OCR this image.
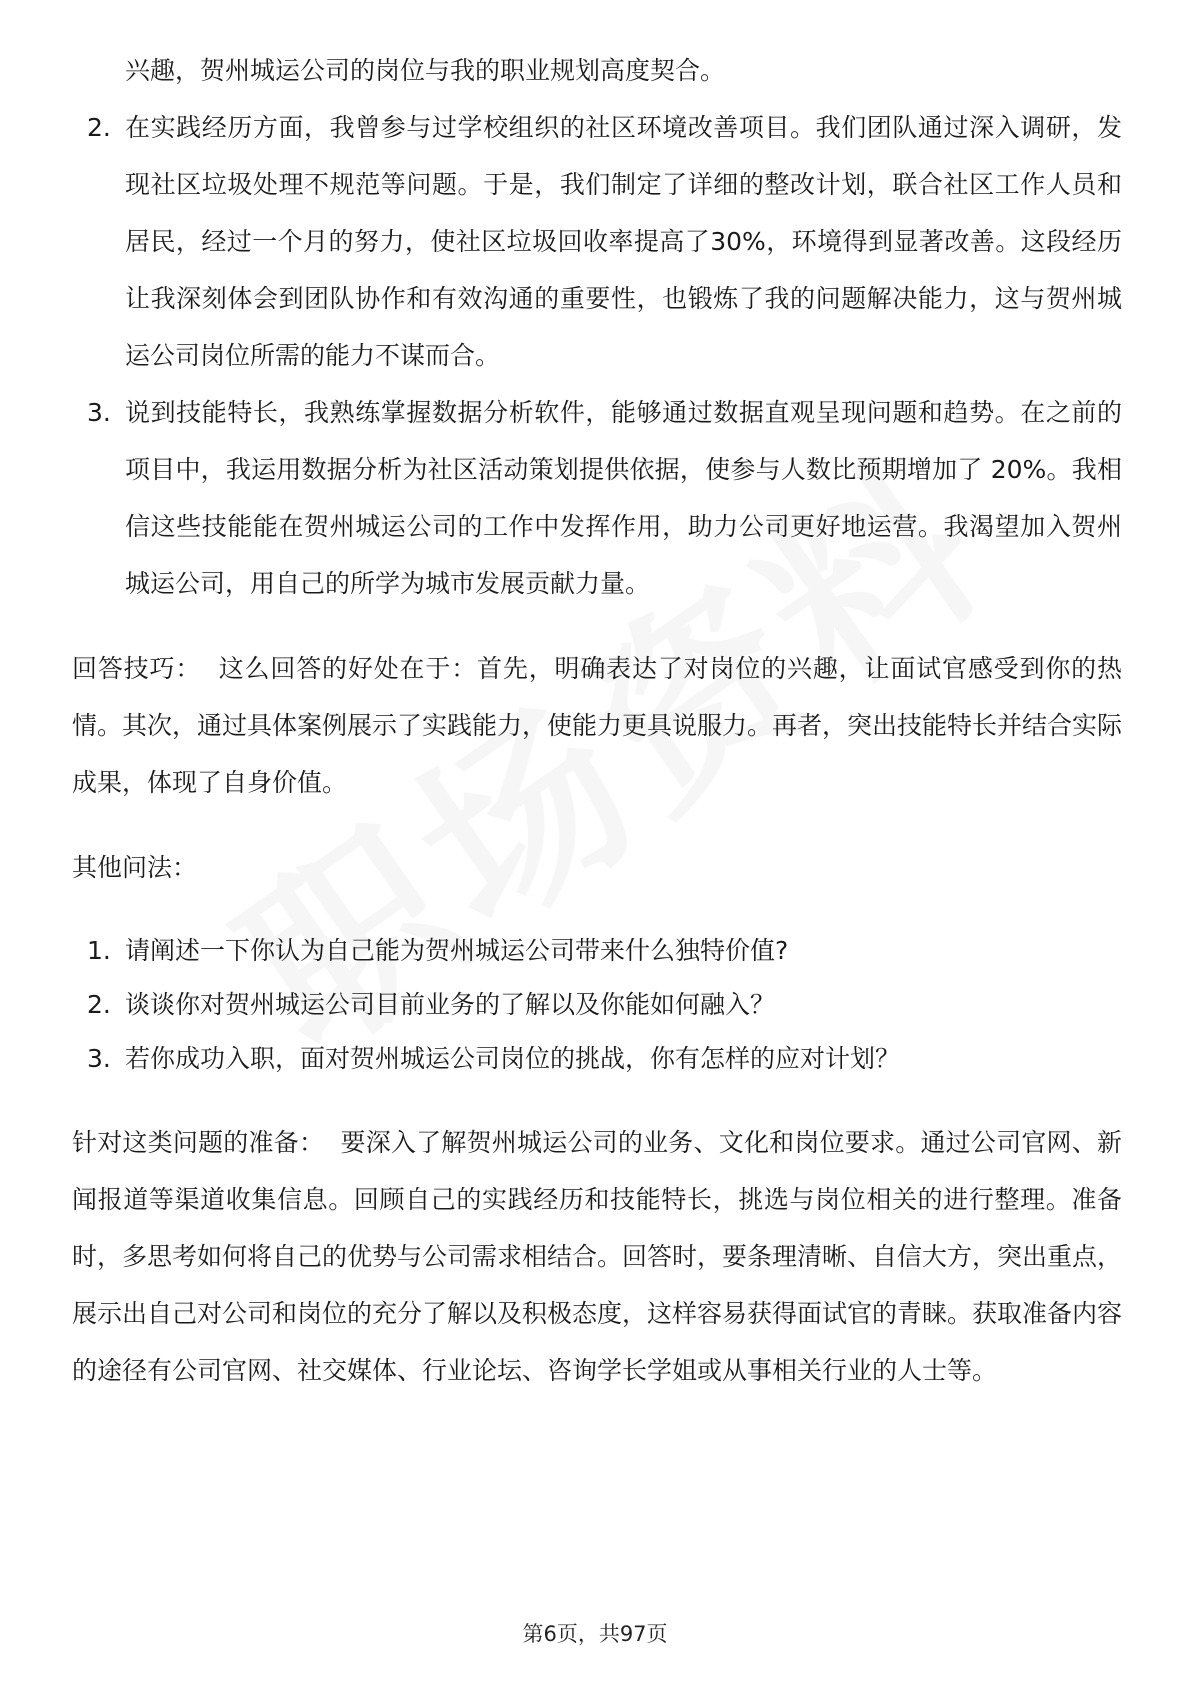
兴趣，贺州城运公司的岗位与我的职业规划高度契合。

2. 在实践经历方面，我曾参与过学校组织的社区环境改善项目。我们团队通过深入调研，发现社区垃圾处理不规范等问题。于是，我们制定了详细的整改计划，联合社区工作人员和居民，经过一个月的努力，使社区垃圾回收率提高了30%，环境得到显著改善。这段经历让我深刻体会到团队协作和有效沟通的重要性，也锻炼了我的问题解决能力，这与贺州城运公司岗位所需的能力不谋而合。
3. 说到技能特长，我熟练掌握数据分析软件，能够通过数据直观呈现问题和趋势。在之前的项目中，我运用数据分析为社区活动策划提供依据，使参与人数比预期增加了 20%。我相信这些技能能在贺州城运公司的工作中发挥作用，助力公司更好地运营。我渴望加入贺州城运公司，用自己的所学为城市发展贡献力量。

回答技巧： 这么回答的好处在于：首先，明确表达了对岗位的兴趣，让面试官感受到你的热情。其次，通过具体案例展示了实践能力，使能力更具说服力。再者，突出技能特长并结合实际成果，体现了自身价值。

其他问法：

1. 请阐述一下你认为自己能为贺州城运公司带来什么独特价值?
2. 谈谈你对贺州城运公司目前业务的了解以及你能如何融入？
3. 若你成功入职，面对贺州城运公司岗位的挑战，你有怎样的应对计划？

针对这类问题的准备： 要深入了解贺州城运公司的业务、文化和岗位要求。通过公司官网、新闻报道等渠道收集信息。回顾自己的实践经历和技能特长，挑选与岗位相关的进行整理。准备时，多思考如何将自己的优势与公司需求相结合。回答时，要条理清晰、自信大方，突出重点，展示出自己对公司和岗位的充分了解以及积极态度，这样容易获得面试官的青睐。获取准备内容的途径有公司官网、社交媒体、行业论坛、咨询学长学姐或从事相关行业的人士等。

第6页，共97页
